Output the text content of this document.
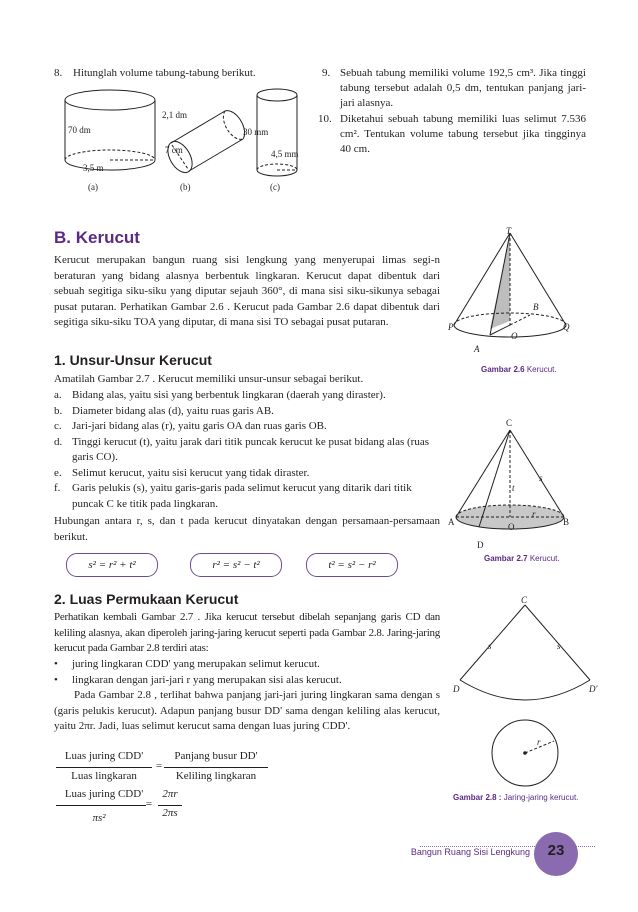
8. Hitunglah volume tabung-tabung berikut.
70 dm
3,5 m
(a)
2,1 dm
7 cm
(b)
30 mm
4,5 mm
(c)
9. Sebuah tabung memiliki volume 192,5 cm³. Jika tinggi tabung tersebut adalah 0,5 dm, tentukan panjang jari-jari alasnya.
10. Diketahui sebuah tabung memiliki luas selimut 7.536 cm². Tentukan volume tabung tersebut jika tingginya 40 cm.
B. Kerucut
Kerucut merupakan bangun ruang sisi lengkung yang menyerupai limas segi-n beraturan yang bidang alasnya berbentuk lingkaran. Kerucut dapat dibentuk dari sebuah segitiga siku-siku yang diputar sejauh 360°, di mana sisi siku-sikunya sebagai pusat putaran. Perhatikan Gambar 2.6 . Kerucut pada Gambar 2.6 dapat dibentuk dari segitiga siku-siku TOA yang diputar, di mana sisi TO sebagai pusat putaran.
T
B
P
O
Q
A
Gambar 2.6 Kerucut.
1. Unsur-Unsur Kerucut
Amatilah Gambar 2.7 . Kerucut memiliki unsur-unsur sebagai berikut.
a. Bidang alas, yaitu sisi yang berbentuk lingkaran (daerah yang diraster).
b. Diameter bidang alas (d), yaitu ruas garis AB.
c. Jari-jari bidang alas (r), yaitu garis OA dan ruas garis OB.
d. Tinggi kerucut (t), yaitu jarak dari titik puncak kerucut ke pusat bidang alas (ruas garis CO).
e. Selimut kerucut, yaitu sisi kerucut yang tidak diraster.
f. Garis pelukis (s), yaitu garis-garis pada selimut kerucut yang ditarik dari titik puncak C ke titik pada lingkaran.
Hubungan antara r, s, dan t pada kerucut dinyatakan dengan persamaan-persamaan berikut.
s² = r² + t²	r² = s² − t²	t² = s² − r²
C
s
t
r
A	O	B
D
Gambar 2.7 Kerucut.
2. Luas Permukaan Kerucut
Perhatikan kembali Gambar 2.7 . Jika kerucut tersebut dibelah sepanjang garis CD dan keliling alasnya, akan diperoleh jaring-jaring kerucut seperti pada Gambar 2.8. Jaring-jaring kerucut pada Gambar 2.8 terdiri atas:
• juring lingkaran CDD' yang merupakan selimut kerucut.
• lingkaran dengan jari-jari r yang merupakan sisi alas kerucut.
Pada Gambar 2.8 , terlihat bahwa panjang jari-jari juring lingkaran sama dengan s (garis pelukis kerucut). Adapun panjang busur DD' sama dengan keliling alas kerucut, yaitu 2πr. Jadi, luas selimut kerucut sama dengan luas juring CDD'.
Luas juring CDD'
Luas lingkaran
=
Panjang busur DD'
Keliling lingkaran
Luas juring CDD'
πs²
=
2πr
2πs
C
s	s
D	D'
r
Gambar 2.8 : Jaring-jaring kerucut.
Bangun Ruang Sisi Lengkung	23
